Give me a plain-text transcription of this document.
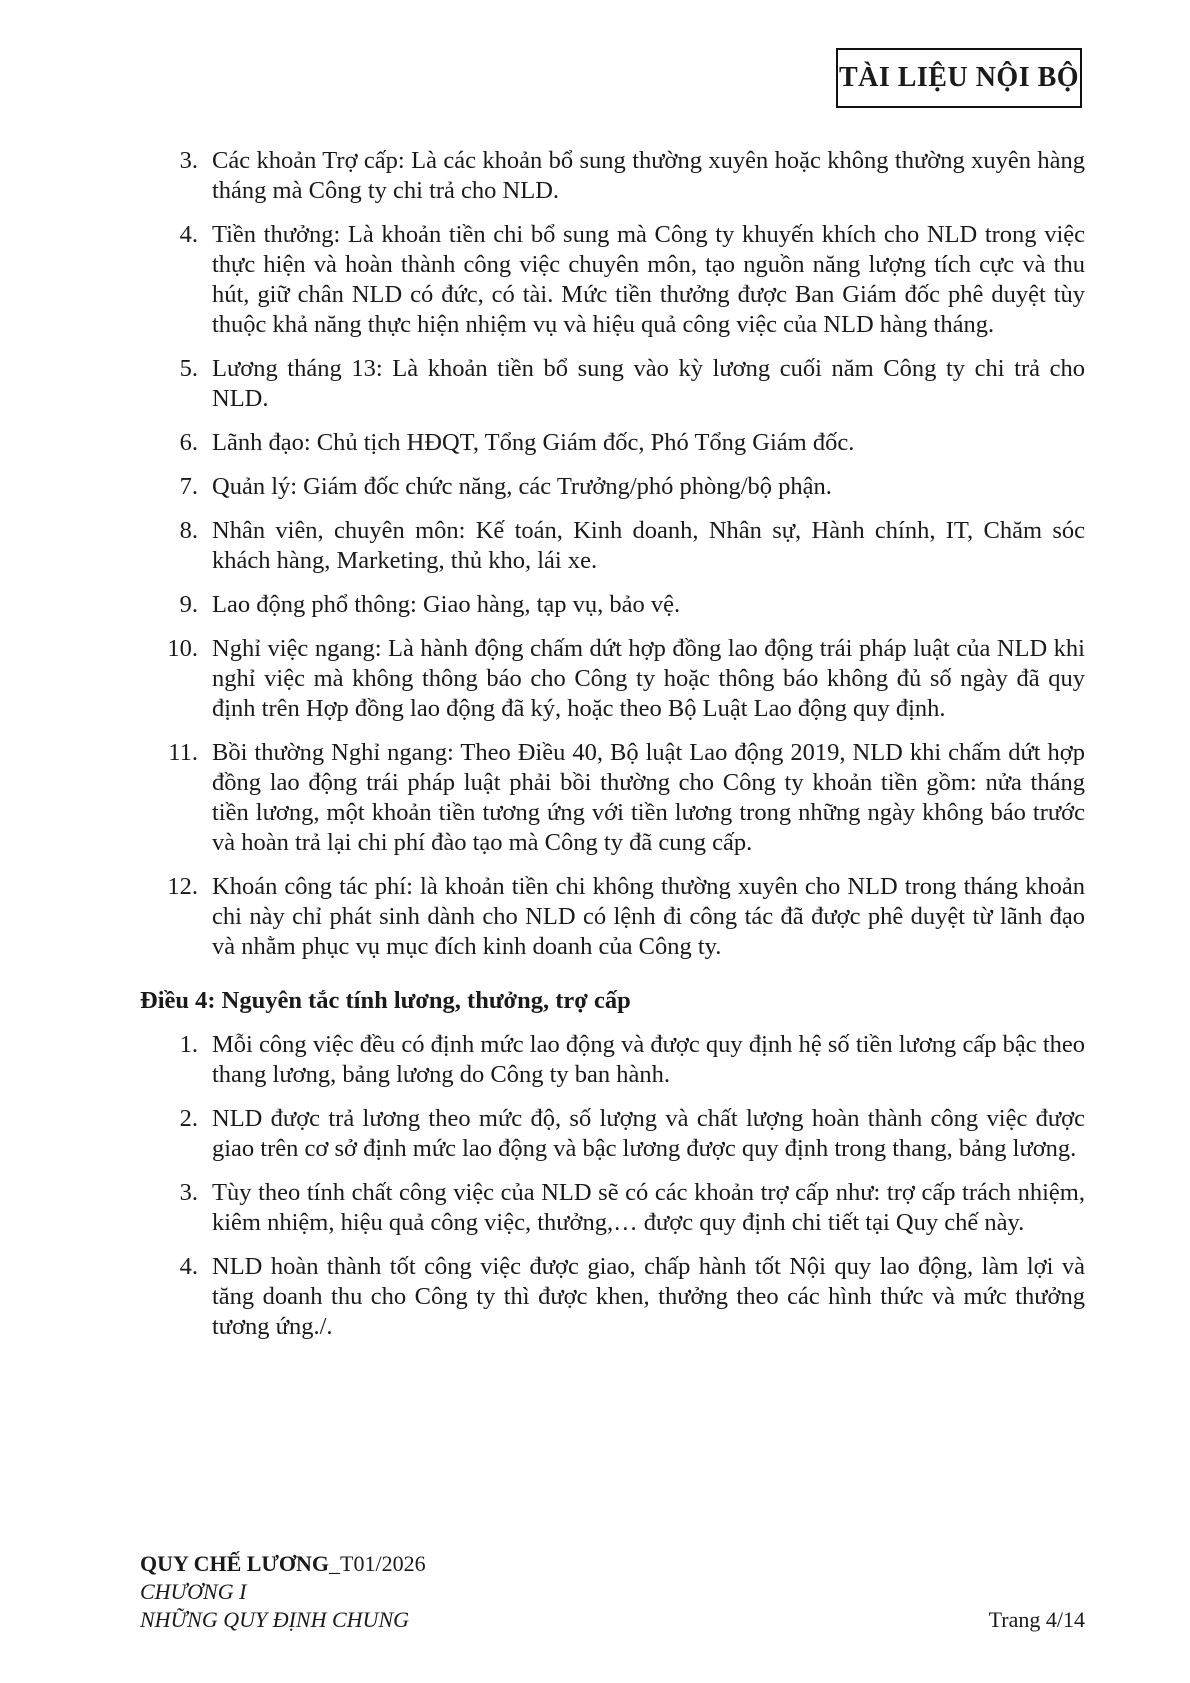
TÀI LIỆU NỘI BỘ
3. Các khoản Trợ cấp: Là các khoản bổ sung thường xuyên hoặc không thường xuyên hàng tháng mà Công ty chi trả cho NLD.
4. Tiền thưởng: Là khoản tiền chi bổ sung mà Công ty khuyến khích cho NLD trong việc thực hiện và hoàn thành công việc chuyên môn, tạo nguồn năng lượng tích cực và thu hút, giữ chân NLD có đức, có tài. Mức tiền thưởng được Ban Giám đốc phê duyệt tùy thuộc khả năng thực hiện nhiệm vụ và hiệu quả công việc của NLD hàng tháng.
5. Lương tháng 13: Là khoản tiền bổ sung vào kỳ lương cuối năm Công ty chi trả cho NLD.
6. Lãnh đạo: Chủ tịch HĐQT, Tổng Giám đốc, Phó Tổng Giám đốc.
7. Quản lý: Giám đốc chức năng, các Trưởng/phó phòng/bộ phận.
8. Nhân viên, chuyên môn: Kế toán, Kinh doanh, Nhân sự, Hành chính, IT, Chăm sóc khách hàng, Marketing, thủ kho, lái xe.
9. Lao động phổ thông: Giao hàng, tạp vụ, bảo vệ.
10. Nghỉ việc ngang: Là hành động chấm dứt hợp đồng lao động trái pháp luật của NLD khi nghỉ việc mà không thông báo cho Công ty hoặc thông báo không đủ số ngày đã quy định trên Hợp đồng lao động đã ký, hoặc theo Bộ Luật Lao động quy định.
11. Bồi thường Nghỉ ngang: Theo Điều 40, Bộ luật Lao động 2019, NLD khi chấm dứt hợp đồng lao động trái pháp luật phải bồi thường cho Công ty khoản tiền gồm: nửa tháng tiền lương, một khoản tiền tương ứng với tiền lương trong những ngày không báo trước và hoàn trả lại chi phí đào tạo mà Công ty đã cung cấp.
12. Khoán công tác phí: là khoản tiền chi không thường xuyên cho NLD trong tháng khoản chi này chỉ phát sinh dành cho NLD có lệnh đi công tác đã được phê duyệt từ lãnh đạo và nhằm phục vụ mục đích kinh doanh của Công ty.
Điều 4: Nguyên tắc tính lương, thưởng, trợ cấp
1. Mỗi công việc đều có định mức lao động và được quy định hệ số tiền lương cấp bậc theo thang lương, bảng lương do Công ty ban hành.
2. NLD được trả lương theo mức độ, số lượng và chất lượng hoàn thành công việc được giao trên cơ sở định mức lao động và bậc lương được quy định trong thang, bảng lương.
3. Tùy theo tính chất công việc của NLD sẽ có các khoản trợ cấp như: trợ cấp trách nhiệm, kiêm nhiệm, hiệu quả công việc, thưởng,… được quy định chi tiết tại Quy chế này.
4. NLD hoàn thành tốt công việc được giao, chấp hành tốt Nội quy lao động, làm lợi và tăng doanh thu cho Công ty thì được khen, thưởng theo các hình thức và mức thưởng tương ứng./.
QUY CHẾ LƯƠNG_T01/2026
CHƯƠNG I
NHỮNG QUY ĐỊNH CHUNG	Trang 4/14
